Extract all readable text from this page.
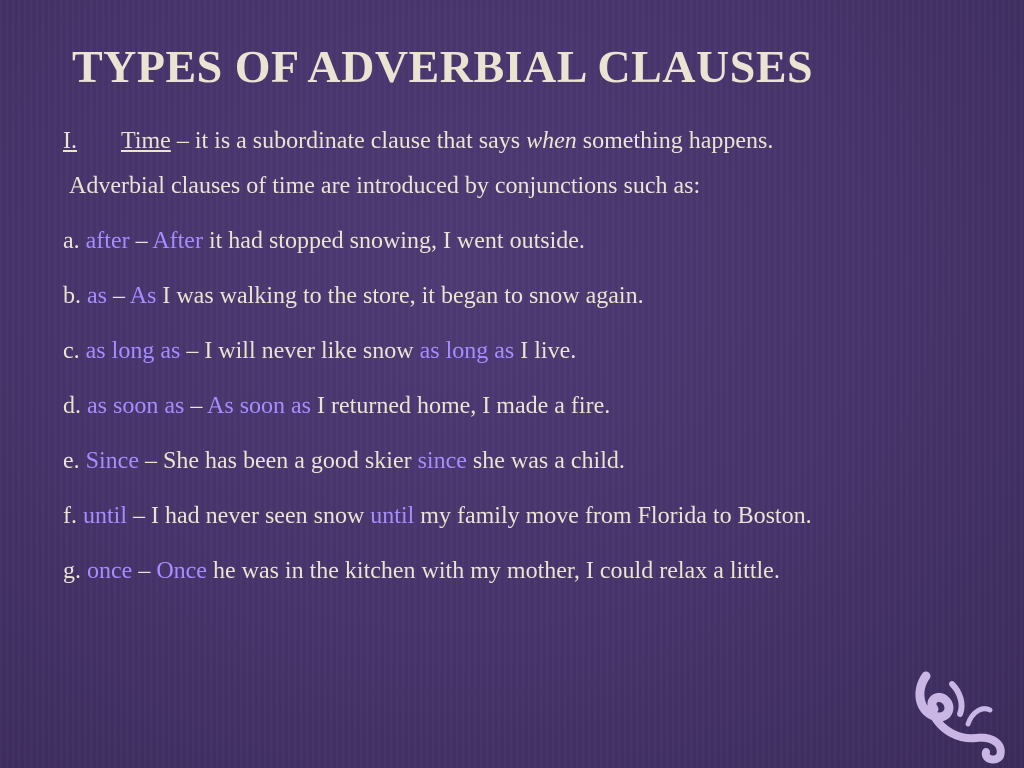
TYPES OF ADVERBIAL CLAUSES
I.	Time – it is a subordinate clause that says when something happens.

Adverbial clauses of time are introduced by conjunctions such as:

a. after – After it had stopped snowing, I went outside.

b. as – As I was walking to the store, it began to snow again.

c. as long as – I will never like snow as long as I live.

d. as soon as – As soon as I returned home, I made a fire.

e. Since – She has been a good skier since she was a child.

f. until – I had never seen snow until my family move from Florida to Boston.

g. once – Once he was in the kitchen with my mother, I could relax a little.
